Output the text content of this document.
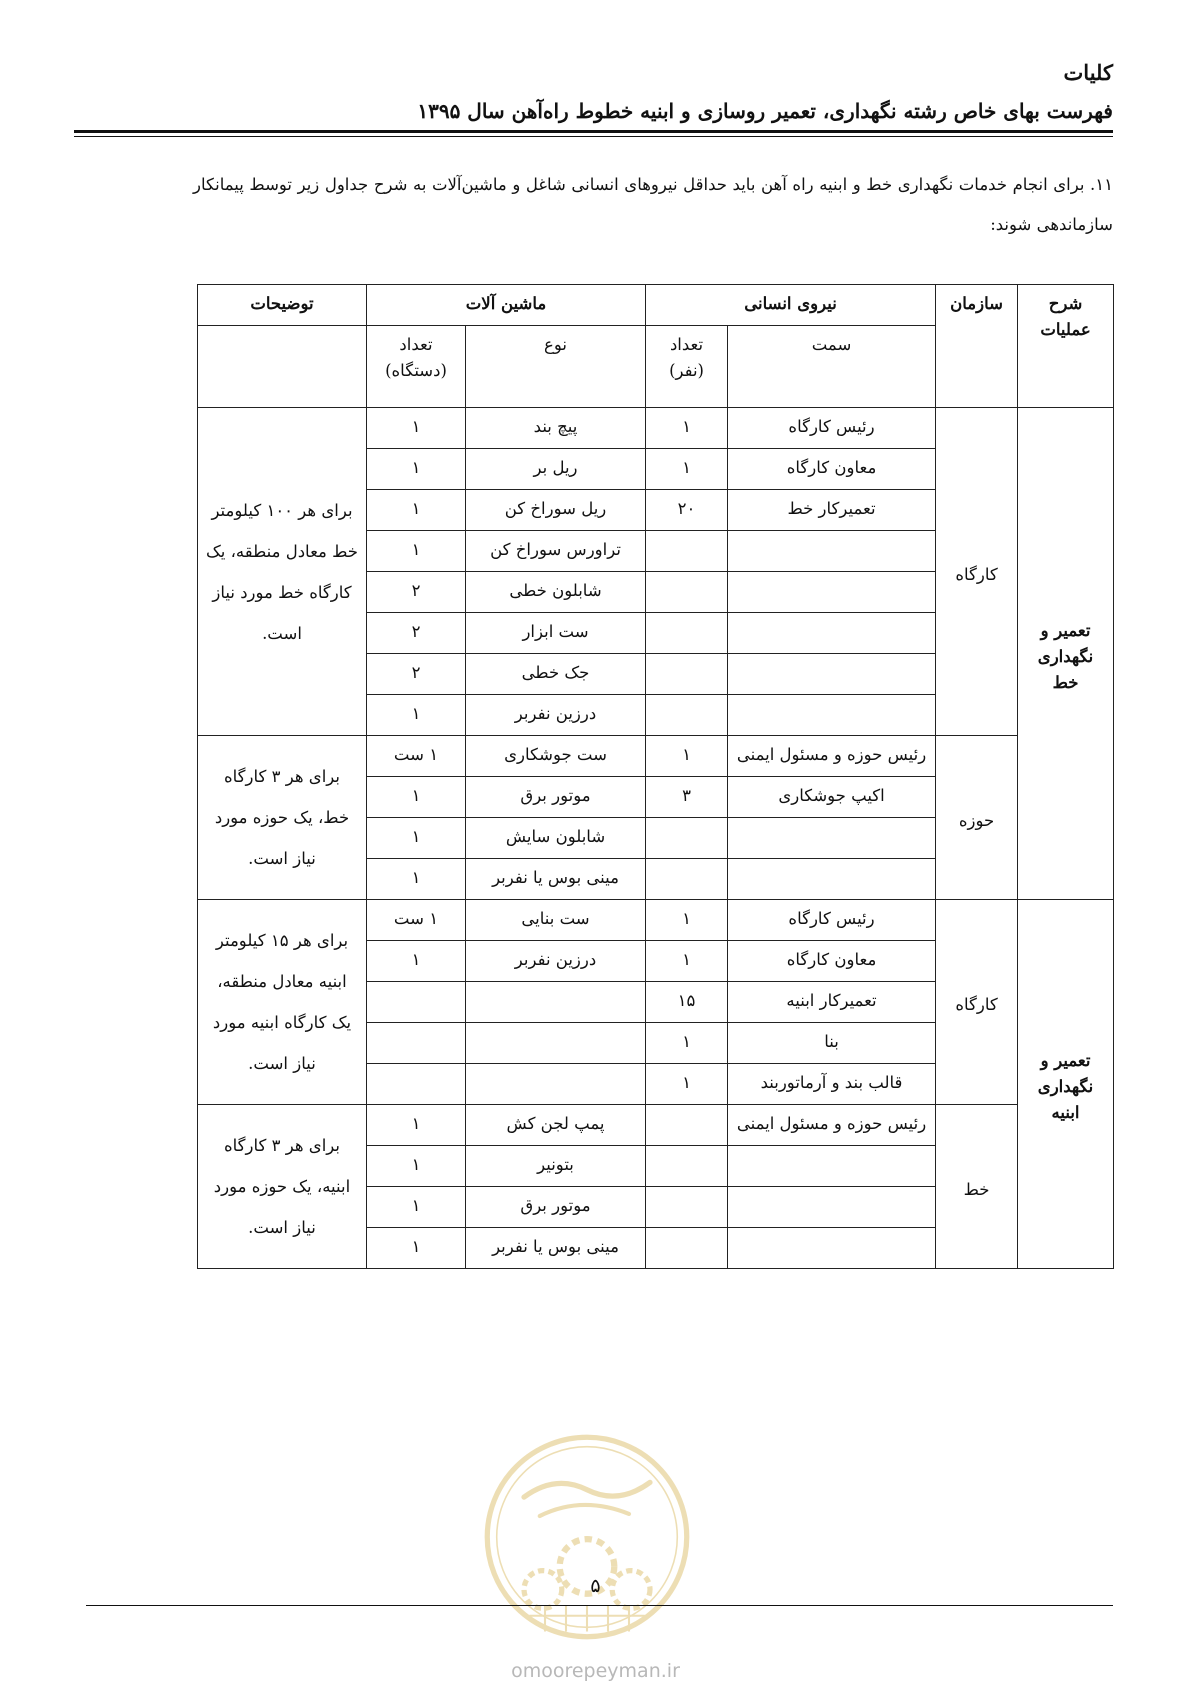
کلیات
فهرست بهای خاص رشته نگهداری، تعمیر روسازی و ابنیه خطوط راه‌آهن سال ۱۳۹۵
۱۱. برای انجام خدمات نگهداری خط و ابنیه راه آهن باید حداقل نیروهای انسانی شاغل و ماشین‌آلات به شرح جداول زیر توسط پیمانکار سازماندهی شوند:
شرح عملیات	سازمان	نیروی انسانی		ماشین آلات		توضیحات
		سمت	تعداد (نفر)	نوع	تعداد (دستگاه)	
تعمیر و نگهداری خط	کارگاه	رئیس کارگاه	۱	پیچ بند	۱	برای هر ۱۰۰ کیلومتر خط معادل منطقه، یک کارگاه خط مورد نیاز است.
		معاون کارگاه	۱	ریل بر	۱	
		تعمیرکار خط	۲۰	ریل سوراخ کن	۱	
				تراورس سوراخ کن	۱	
				شابلون خطی	۲	
				ست ابزار	۲	
				جک خطی	۲	
				درزین نفربر	۱	
	حوزه	رئیس حوزه و مسئول ایمنی	۱	ست جوشکاری	۱ ست	برای هر ۳ کارگاه خط، یک حوزه مورد نیاز است.
		اکیپ جوشکاری	۳	موتور برق	۱	
				شابلون سایش	۱	
				مینی بوس یا نفربر	۱	
تعمیر و نگهداری ابنیه	کارگاه	رئیس کارگاه	۱	ست بنایی	۱ ست	برای هر ۱۵ کیلومتر ابنیه معادل منطقه، یک کارگاه ابنیه مورد نیاز است.
		معاون کارگاه	۱	درزین نفربر	۱	
		تعمیرکار ابنیه	۱۵			
		بنا	۱			
		قالب بند و آرماتوربند	۱			
	خط	رئیس حوزه و مسئول ایمنی		پمپ لجن کش	۱	برای هر ۳ کارگاه ابنیه، یک حوزه مورد نیاز است.
				بتونیر	۱	
				موتور برق	۱	
				مینی بوس یا نفربر	۱	
۵
omoorepeyman.ir
